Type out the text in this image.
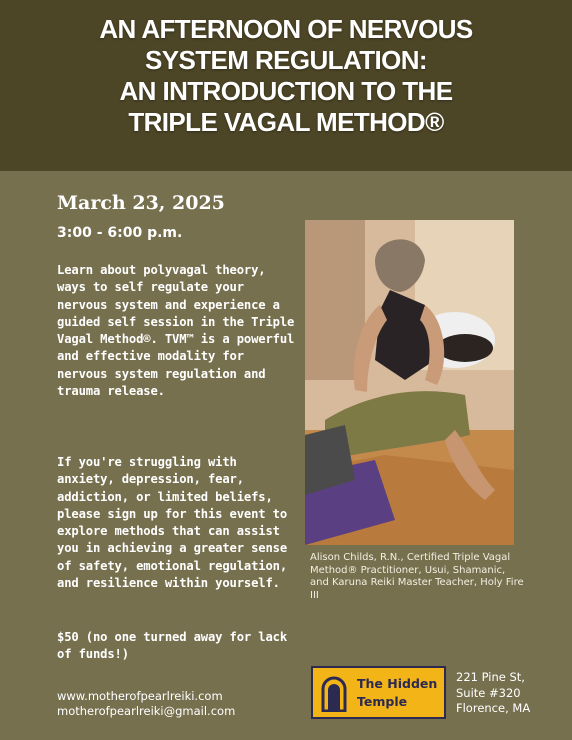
AN AFTERNOON OF NERVOUS
SYSTEM REGULATION:
AN INTRODUCTION TO THE
TRIPLE VAGAL METHOD®
March 23, 2025
3:00 - 6:00 p.m.
Learn about polyvagal theory, ways to self regulate your nervous system and experience a guided self session in the Triple Vagal Method®. TVM™ is a powerful and effective modality for nervous system regulation and trauma release.
If you're struggling with anxiety, depression, fear, addiction, or limited beliefs, please sign up for this event to explore methods that can assist you in achieving a greater sense of safety, emotional regulation, and resilience within yourself.
$50 (no one turned away for lack of funds!)
www.motherofpearlreiki.com
motherofpearlreiki@gmail.com
Alison Childs, R.N., Certified Triple Vagal Method® Practitioner, Usui, Shamanic, and Karuna Reiki Master Teacher, Holy Fire III
The Hidden
Temple
221 Pine St,
Suite #320
Florence, MA
